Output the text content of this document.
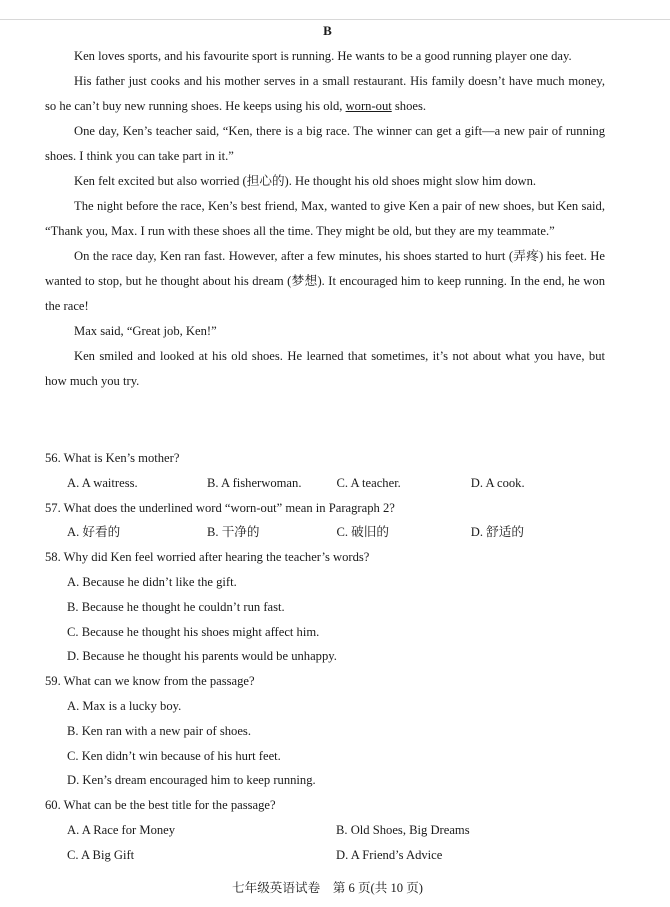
B

Ken loves sports, and his favourite sport is running. He wants to be a good running player one day.

His father just cooks and his mother serves in a small restaurant. His family doesn’t have much money, so he can’t buy new running shoes. He keeps using his old, worn-out shoes.

One day, Ken’s teacher said, “Ken, there is a big race. The winner can get a gift—a new pair of running shoes. I think you can take part in it.”

Ken felt excited but also worried (担心的). He thought his old shoes might slow him down.

The night before the race, Ken’s best friend, Max, wanted to give Ken a pair of new shoes, but Ken said, “Thank you, Max. I run with these shoes all the time. They might be old, but they are my teammate.”

On the race day, Ken ran fast. However, after a few minutes, his shoes started to hurt (弄疼) his feet. He wanted to stop, but he thought about his dream (梦想). It encouraged him to keep running. In the end, he won the race!

Max said, “Great job, Ken!”

Ken smiled and looked at his old shoes. He learned that sometimes, it’s not about what you have, but how much you try.

56. What is Ken’s mother?

A. A waitress.	B. A fisherwoman.	C. A teacher.	D. A cook.

57. What does the underlined word “worn-out” mean in Paragraph 2?

A. 好看的	B. 干净的	C. 破旧的	D. 舒适的

58. Why did Ken feel worried after hearing the teacher’s words?

A. Because he didn’t like the gift.
B. Because he thought he couldn’t run fast.
C. Because he thought his shoes might affect him.
D. Because he thought his parents would be unhappy.

59. What can we know from the passage?

A. Max is a lucky boy.
B. Ken ran with a new pair of shoes.
C. Ken didn’t win because of his hurt feet.
D. Ken’s dream encouraged him to keep running.

60. What can be the best title for the passage?

A. A Race for Money	B. Old Shoes, Big Dreams
C. A Big Gift	D. A Friend’s Advice
七年级英语试卷　第 6 页(共 10 页)
